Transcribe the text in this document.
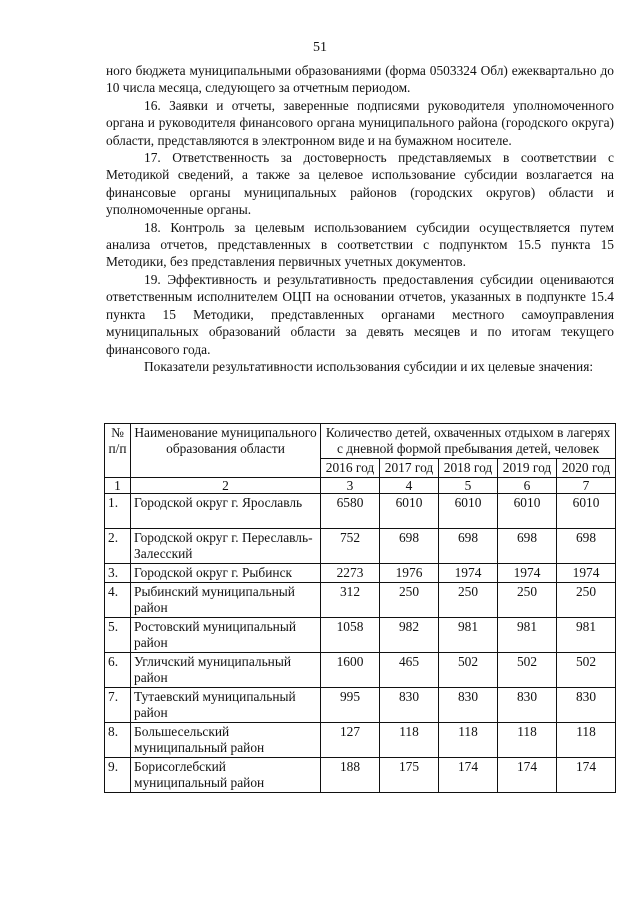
51

ного бюджета муниципальными образованиями (форма 0503324 Обл) ежеквартально до 10 числа месяца, следующего за отчетным периодом.

16. Заявки и отчеты, заверенные подписями руководителя уполномоченного органа и руководителя финансового органа муниципального района (городского округа) области, представляются в электронном виде и на бумажном носителе.

17. Ответственность за достоверность представляемых в соответствии с Методикой сведений, а также за целевое использование субсидии возлагается на финансовые органы муниципальных районов (городских округов) области и уполномоченные органы.

18. Контроль за целевым использованием субсидии осуществляется путем анализа отчетов, представленных в соответствии с подпунктом 15.5 пункта 15 Методики, без представления первичных учетных документов.

19. Эффективность и результативность предоставления субсидии оцениваются ответственным исполнителем ОЦП на основании отчетов, указанных в подпункте 15.4 пункта 15 Методики, представленных органами местного самоуправления муниципальных образований области за девять месяцев и по итогам текущего финансового года.

Показатели результативности использования субсидии и их целевые значения:

№ п/п	Наименование муниципального образования области	Количество детей, охваченных отдыхом в лагерях с дневной формой пребывания детей, человек				
		2016 год	2017 год	2018 год	2019 год	2020 год
1	2	3	4	5	6	7
1.	Городской округ г. Ярославль	6580	6010	6010	6010	6010
2.	Городской округ г. Переславль-Залесский	752	698	698	698	698
3.	Городской округ г. Рыбинск	2273	1976	1974	1974	1974
4.	Рыбинский муниципальный район	312	250	250	250	250
5.	Ростовский муниципальный район	1058	982	981	981	981
6.	Угличский муниципальный район	1600	465	502	502	502
7.	Тутаевский муниципальный район	995	830	830	830	830
8.	Большесельский муниципальный район	127	118	118	118	118
9.	Борисоглебский муниципальный район	188	175	174	174	174
